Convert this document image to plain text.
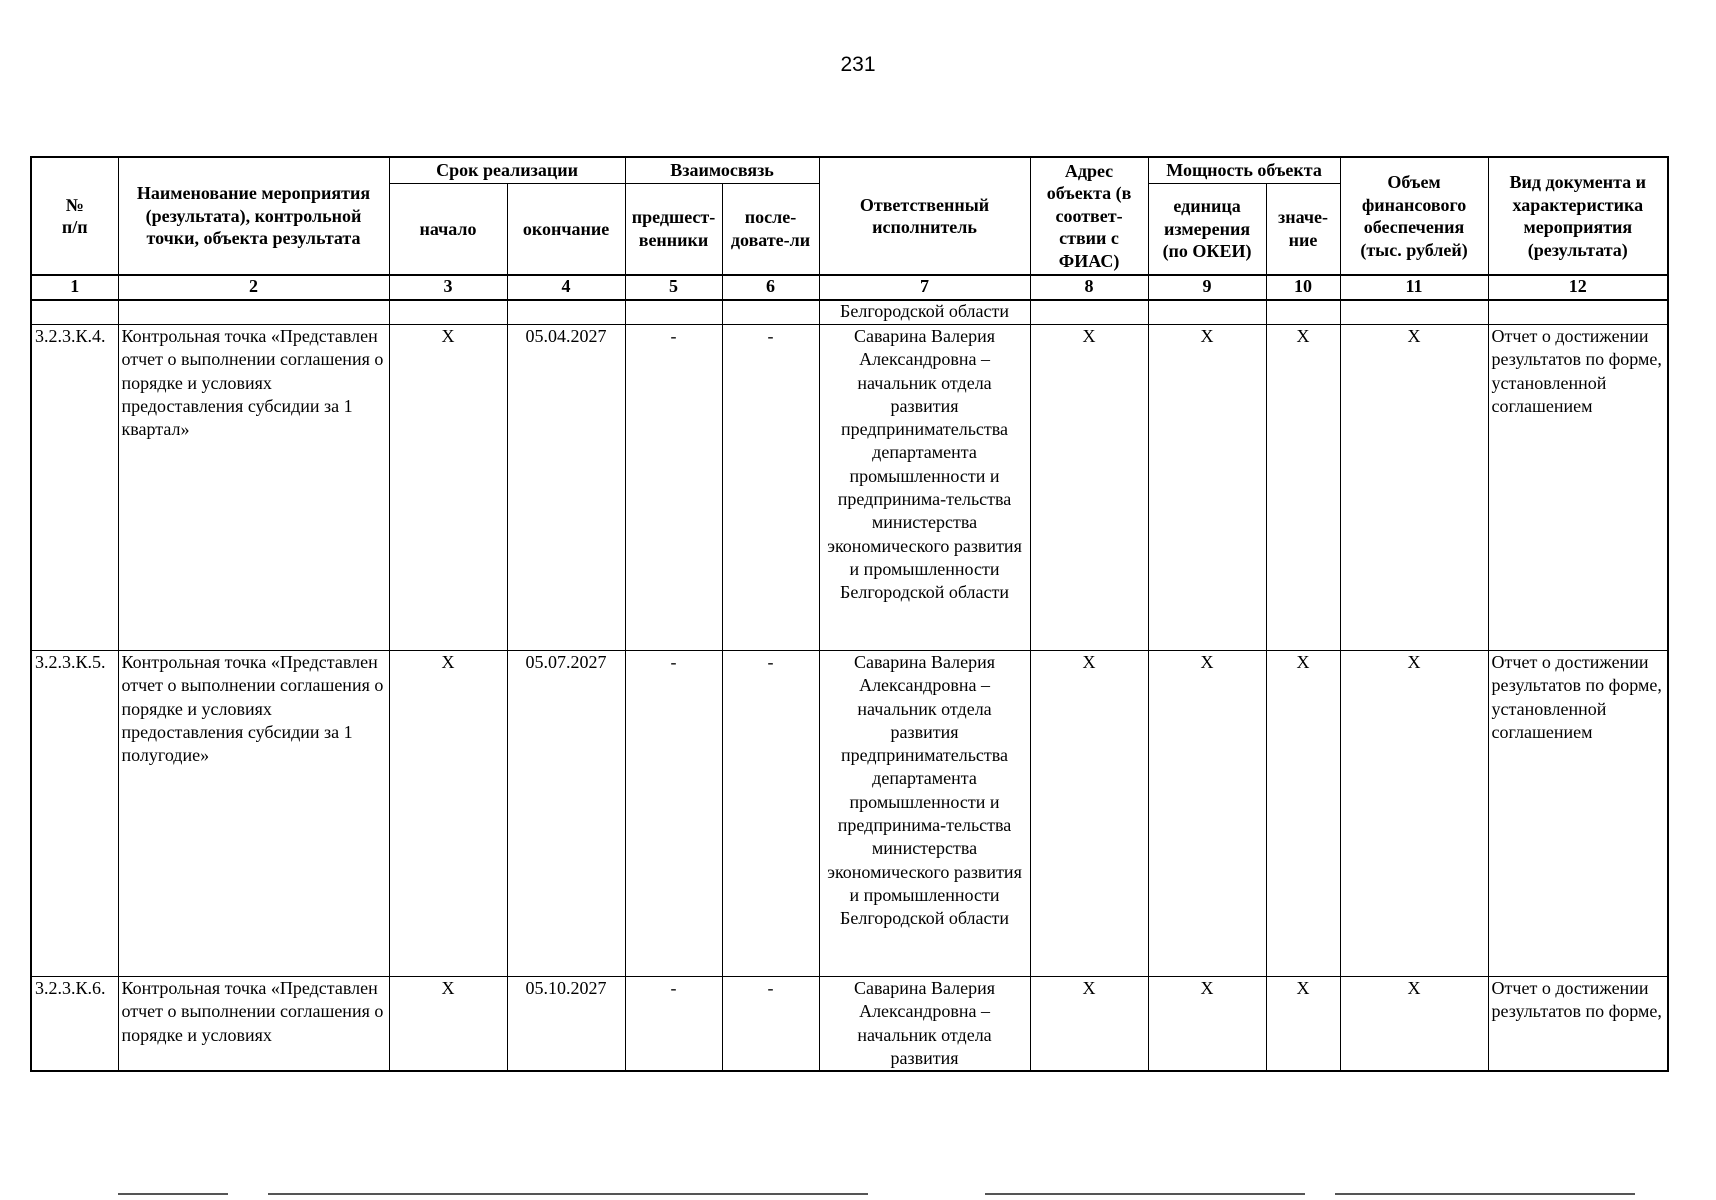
231
№
п/п	Наименование мероприятия (результата), контрольной точки, объекта результата	Срок реализации		Взаимосвязь		Ответственный исполнитель	Адрес объекта (в соответ-ствии с ФИАС)	Мощность объекта		Объем финансового обеспечения (тыс. рублей)	Вид документа и характеристика мероприятия (результата)
		начало	окончание	предшест-венники	после-довате-ли			единица измерения (по ОКЕИ)	значе-ние		
1	2	3	4	5	6	7	8	9	10	11	12
						Белгородской области					
3.2.3.К.4.	Контрольная точка «Представлен отчет о выполнении соглашения о порядке и условиях предоставления субсидии за 1 квартал»	X	05.04.2027	-	-	Саварина Валерия Александровна – начальник отдела развития предпринимательства департамента промышленности и предпринима-тельства министерства экономического развития и промышленности Белгородской области	X	X	X	X	Отчет о достижении результатов по форме, установленной соглашением
3.2.3.К.5.	Контрольная точка «Представлен отчет о выполнении соглашения о порядке и условиях предоставления субсидии за 1 полугодие»	X	05.07.2027	-	-	Саварина Валерия Александровна – начальник отдела развития предпринимательства департамента промышленности и предпринима-тельства министерства экономического развития и промышленности Белгородской области	X	X	X	X	Отчет о достижении результатов по форме, установленной соглашением
3.2.3.К.6.	Контрольная точка «Представлен отчет о выполнении соглашения о порядке и условиях	X	05.10.2027	-	-	Саварина Валерия Александровна – начальник отдела развития	X	X	X	X	Отчет о достижении результатов по форме,
